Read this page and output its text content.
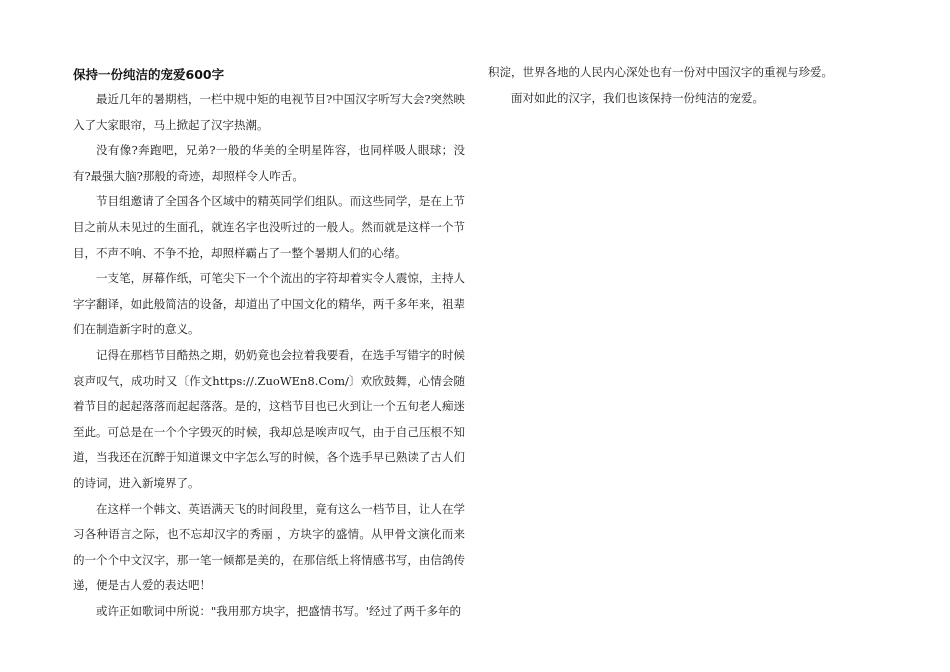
保持一份纯洁的宠爱600字

最近几年的暑期档，一栏中规中矩的电视节目?中国汉字听写大会?突然映入了大家眼帘，马上掀起了汉字热潮。

没有像?奔跑吧，兄弟?一般的华美的全明星阵容，也同样吸人眼球；没有?最强大脑?那般的奇迹，却照样令人咋舌。

节目组邀请了全国各个区域中的精英同学们组队。而这些同学，是在上节目之前从未见过的生面孔，就连名字也没听过的一般人。然而就是这样一个节目，不声不响、不争不抢，却照样霸占了一整个暑期人们的心绪。

一支笔，屏幕作纸，可笔尖下一个个流出的字符却着实令人震惊，主持人字字翻译，如此般简洁的设备，却道出了中国文化的精华，两千多年来，祖辈们在制造新字时的意义。

记得在那档节目酷热之期，奶奶竟也会拉着我要看，在选手写错字的时候哀声叹气，成功时又〔作文https://.ZuoWEn8.Com/〕欢欣鼓舞，心情会随着节目的起起落落而起起落落。是的，这档节目也已火到让一个五旬老人痴迷至此。可总是在一个个字毁灭的时候，我却总是唉声叹气，由于自己压根不知道，当我还在沉醉于知道课文中字怎么写的时候，各个选手早已熟读了古人们的诗词，进入新境界了。

在这样一个韩文、英语满天飞的时间段里，竟有这么一档节目，让人在学习各种语言之际，也不忘却汉字的秀丽 ，方块字的盛情。从甲骨文演化而来的一个个中文汉字，那一笔一倾都是美的，在那信纸上将情感书写，由信鸽传递，便是古人爱的表达吧！

或许正如歌词中所说："我用那方块字，把盛情书写。'经过了两千多年的

积淀，世界各地的人民内心深处也有一份对中国汉字的重视与珍爱。

面对如此的汉字，我们也该保持一份纯洁的宠爱。
